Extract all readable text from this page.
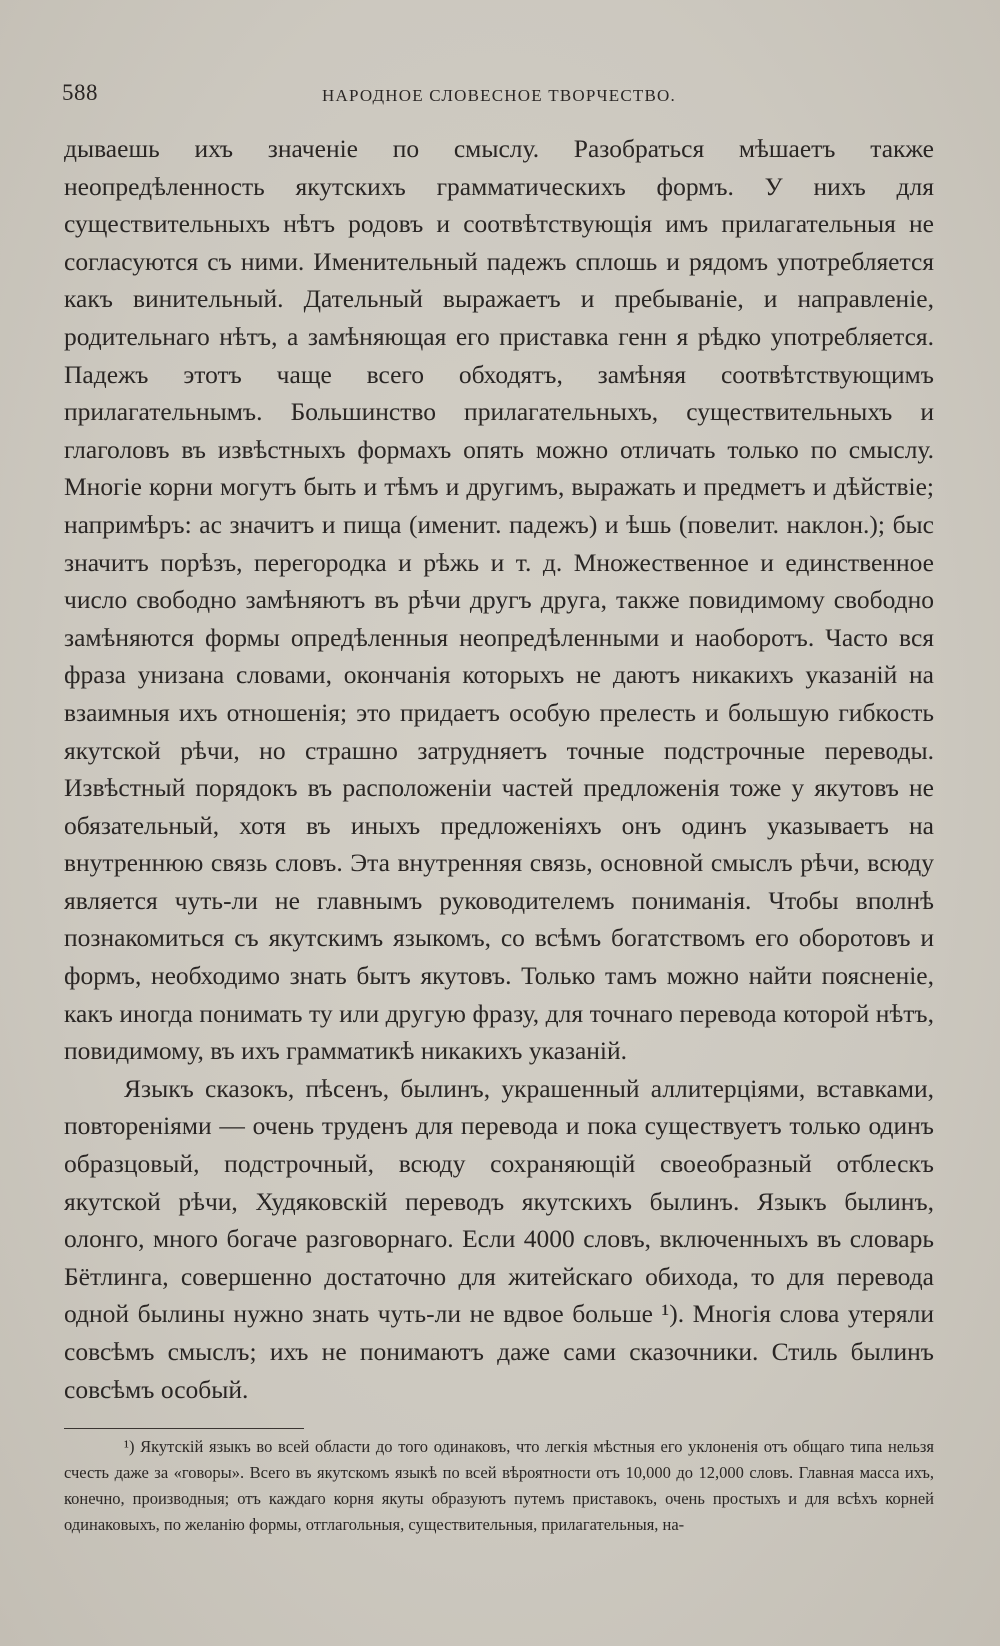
588	НАРОДНОЕ СЛОВЕСНОЕ ТВОРЧЕСТВО.

дываешь ихъ значенiе по смыслу. Разобраться мѣшаетъ также неопредѣленность якутскихъ грамматическихъ формъ. У нихъ для существительныхъ нѣтъ родовъ и соотвѣтствующiя имъ прилагательныя не согласуются съ ними. Именительный падежъ сплошь и рядомъ употребляется какъ винительный. Дательный выражаетъ и пребыванiе, и направленiе, родительнаго нѣтъ, а замѣняющая его приставка генн я рѣдко употребляется. Падежъ этотъ чаще всего обходятъ, замѣняя соотвѣтствующимъ прилагательнымъ. Большинство прилагательныхъ, существительныхъ и глаголовъ въ извѣстныхъ формахъ опять можно отличать только по смыслу. Многiе корни могутъ быть и тѣмъ и другимъ, выражать и предметъ и дѣйствiе; напримѣръ: ас значитъ и пища (именит. падежъ) и ѣшь (повелит. наклон.); быс значитъ порѣзъ, перегородка и рѣжь и т. д. Множественное и единственное число свободно замѣняютъ въ рѣчи другъ друга, также повидимому свободно замѣняются формы опредѣленныя неопредѣленными и наоборотъ. Часто вся фраза унизана словами, окончанiя которыхъ не даютъ никакихъ указанiй на взаимныя ихъ отношенiя; это придаетъ особую прелесть и большую гибкость якутской рѣчи, но страшно затрудняетъ точные подстрочные переводы. Извѣстный порядокъ въ расположенiи частей предложенiя тоже у якутовъ не обязательный, хотя въ иныхъ предложенiяхъ онъ одинъ указываетъ на внутреннюю связь словъ. Эта внутренняя связь, основной смыслъ рѣчи, всюду является чуть-ли не главнымъ руководителемъ пониманiя. Чтобы вполнѣ познакомиться съ якутскимъ языкомъ, со всѣмъ богатствомъ его оборотовъ и формъ, необходимо знать бытъ якутовъ. Только тамъ можно найти поясненiе, какъ иногда понимать ту или другую фразу, для точнаго перевода которой нѣтъ, повидимому, въ ихъ грамматикѣ никакихъ указанiй.

Языкъ сказокъ, пѣсенъ, былинъ, украшенный аллитерцiями, вставками, повторенiями — очень труденъ для перевода и пока существуетъ только одинъ образцовый, подстрочный, всюду сохраняющiй своеобразный отблескъ якутской рѣчи, Худяковскiй переводъ якутскихъ былинъ. Языкъ былинъ, олонго, много богаче разговорнаго. Если 4000 словъ, включенныхъ въ словарь Бётлинга, совершенно достаточно для житейскаго обихода, то для перевода одной былины нужно знать чуть-ли не вдвое больше ¹). Многiя слова утеряли совсѣмъ смыслъ; ихъ не понимаютъ даже сами сказочники. Стиль былинъ совсѣмъ особый.

¹) Якутскiй языкъ во всей области до того одинаковъ, что легкiя мѣстныя его уклоненiя отъ общаго типа нельзя счесть даже за «говоры». Всего въ якутскомъ языкѣ по всей вѣроятности отъ 10,000 до 12,000 словъ. Главная масса ихъ, конечно, производныя; отъ каждаго корня якуты образуютъ путемъ приставокъ, очень простыхъ и для всѣхъ корней одинаковыхъ, по желанiю формы, отглагольныя, существительныя, прилагательныя, на-
